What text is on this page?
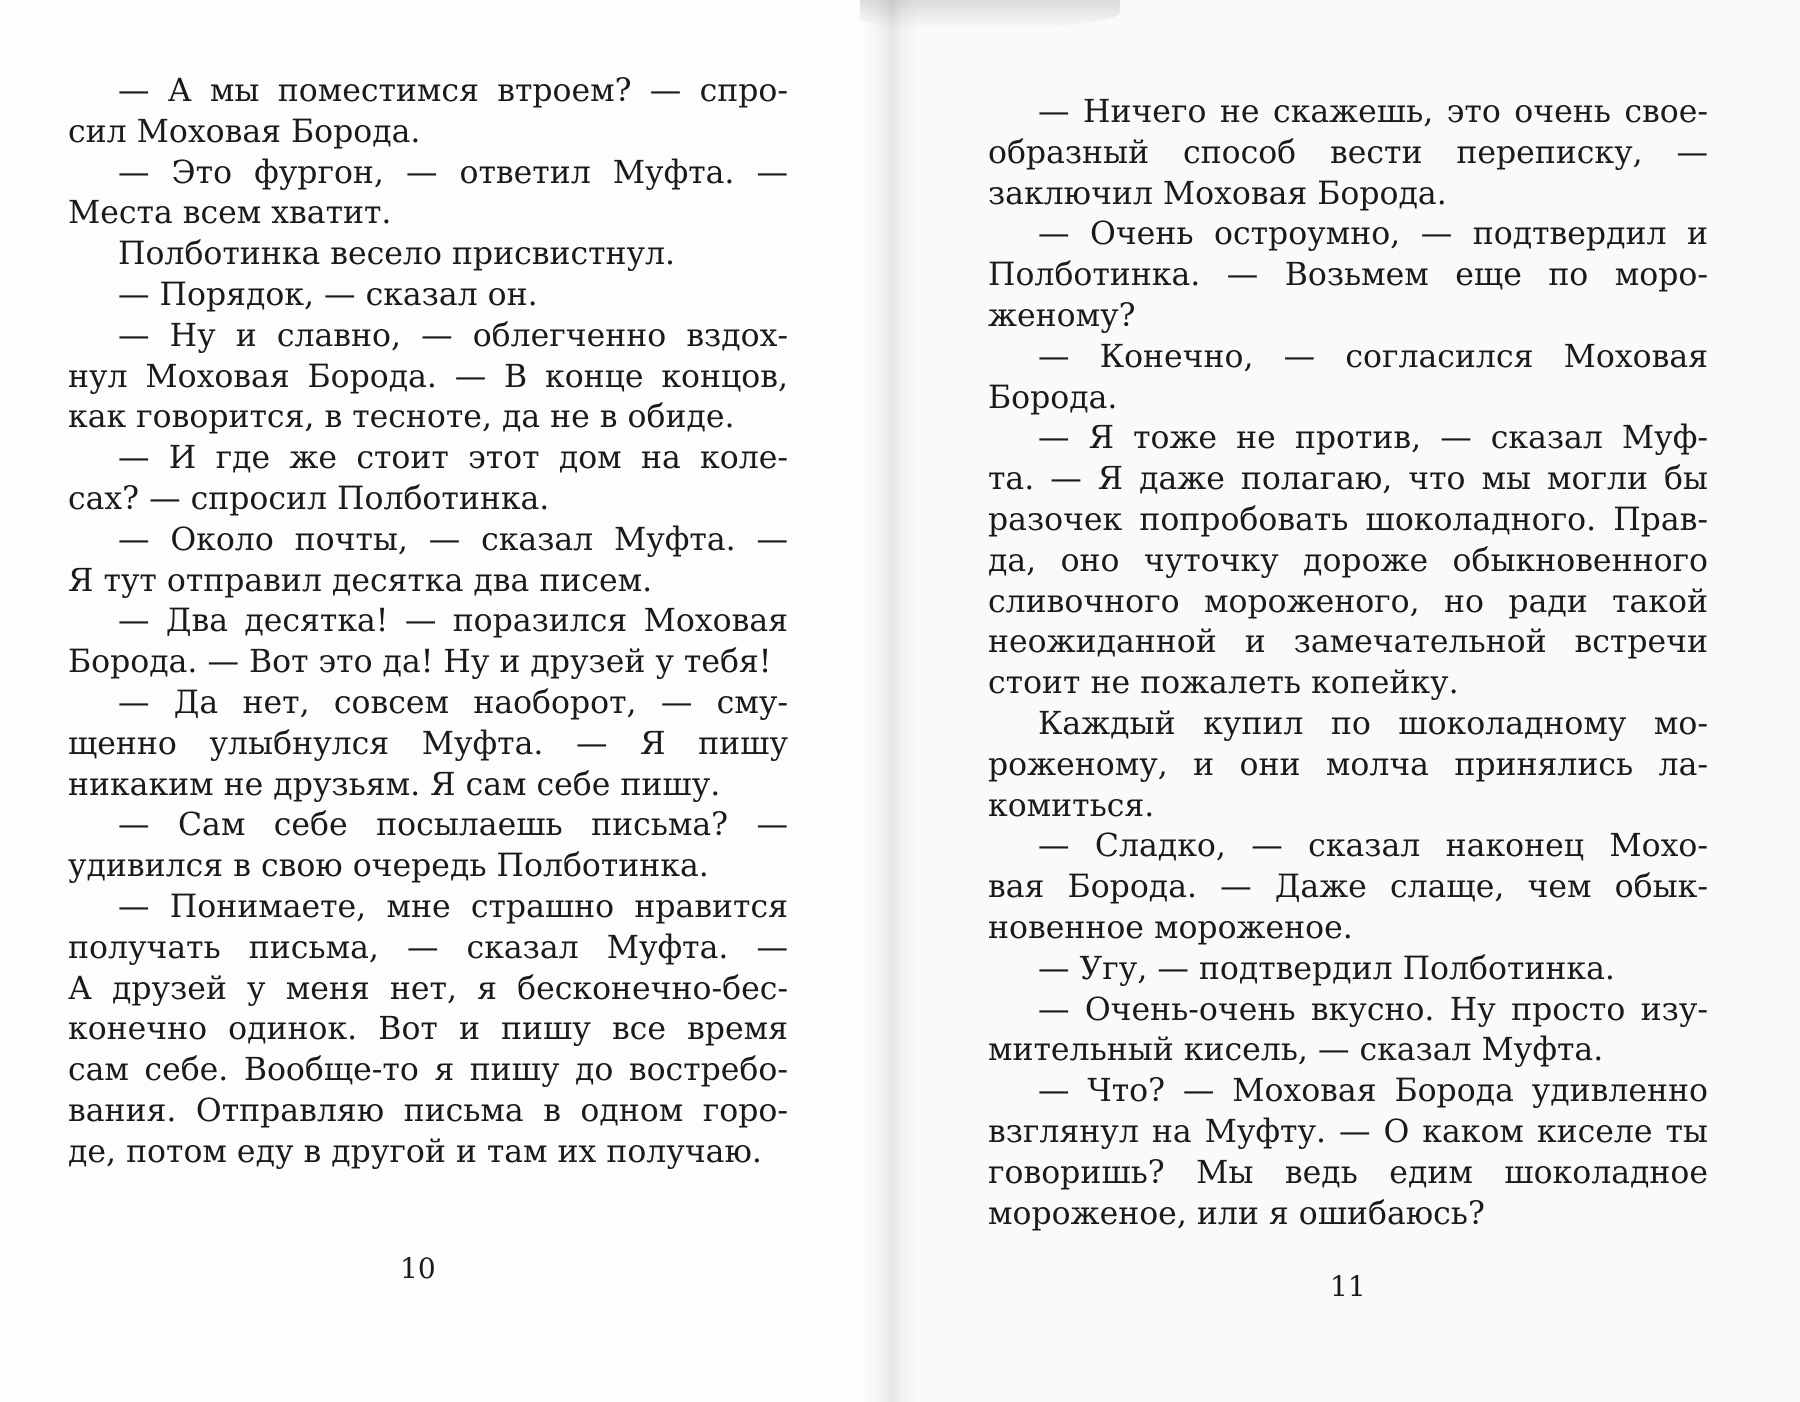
— А мы поместимся втроем? — спро-
сил Моховая Борода.
— Это фургон, — ответил Муфта. —
Места всем хватит.
Полботинка весело присвистнул.
— Порядок, — сказал он.
— Ну и славно, — облегченно вздох-
нул Моховая Борода. — В конце концов,
как говорится, в тесноте, да не в обиде.
— И где же стоит этот дом на коле-
сах? — спросил Полботинка.
— Около почты, — сказал Муфта. —
Я тут отправил десятка два писем.
— Два десятка! — поразился Моховая
Борода. — Вот это да! Ну и друзей у тебя!
— Да нет, совсем наоборот, — сму-
щенно улыбнулся Муфта. — Я пишу
никаким не друзьям. Я сам себе пишу.
— Сам себе посылаешь письма? —
удивился в свою очередь Полботинка.
— Понимаете, мне страшно нравится
получать письма, — сказал Муфта. —
А друзей у меня нет, я бесконечно-бес-
конечно одинок. Вот и пишу все время
сам себе. Вообще-то я пишу до востребо-
вания. Отправляю письма в одном горо-
де, потом еду в другой и там их получаю.
10
— Ничего не скажешь, это очень свое-
образный способ вести переписку, —
заключил Моховая Борода.
— Очень остроумно, — подтвердил и
Полботинка. — Возьмем еще по моро-
женому?
— Конечно, — согласился Моховая
Борода.
— Я тоже не против, — сказал Муф-
та. — Я даже полагаю, что мы могли бы
разочек попробовать шоколадного. Прав-
да, оно чуточку дороже обыкновенного
сливочного мороженого, но ради такой
неожиданной и замечательной встречи
стоит не пожалеть копейку.
Каждый купил по шоколадному мо-
роженому, и они молча принялись ла-
комиться.
— Сладко, — сказал наконец Мохо-
вая Борода. — Даже слаще, чем обык-
новенное мороженое.
— Угу, — подтвердил Полботинка.
— Очень-очень вкусно. Ну просто изу-
мительный кисель, — сказал Муфта.
— Что? — Моховая Борода удивленно
взглянул на Муфту. — О каком киселе ты
говоришь? Мы ведь едим шоколадное
мороженое, или я ошибаюсь?
11
